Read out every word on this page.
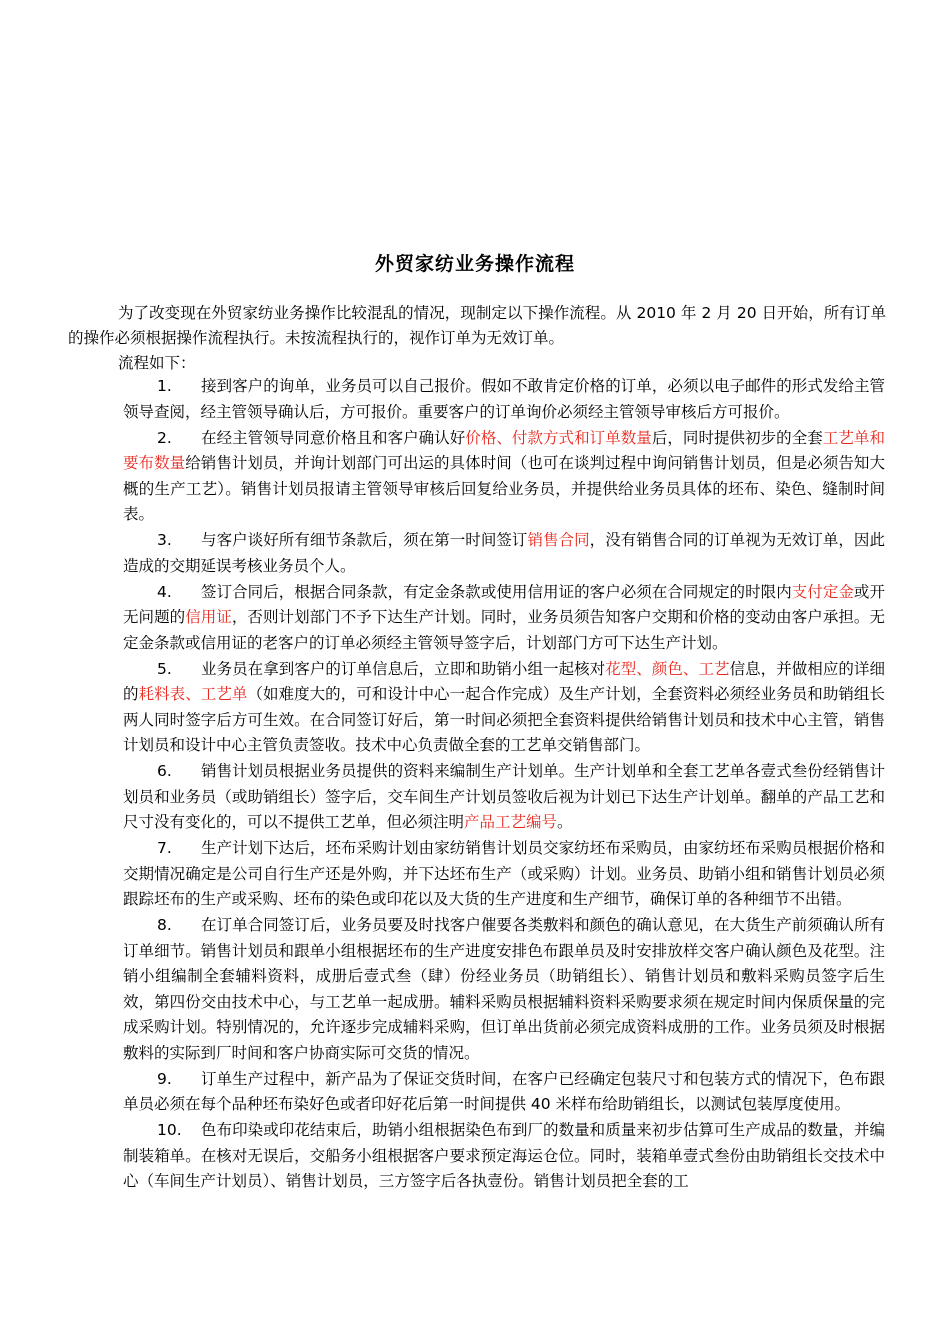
外贸家纺业务操作流程
为了改变现在外贸家纺业务操作比较混乱的情况，现制定以下操作流程。从 2010 年 2 月 20 日开始，所有订单的操作必须根据操作流程执行。未按流程执行的，视作订单为无效订单。
流程如下：
1. 接到客户的询单，业务员可以自己报价。假如不敢肯定价格的订单，必须以电子邮件的形式发给主管领导查阅，经主管领导确认后，方可报价。重要客户的订单询价必须经主管领导审核后方可报价。
2. 在经主管领导同意价格且和客户确认好价格、付款方式和订单数量后，同时提供初步的全套工艺单和要布数量给销售计划员，并询计划部门可出运的具体时间（也可在谈判过程中询问销售计划员，但是必须告知大概的生产工艺）。销售计划员报请主管领导审核后回复给业务员，并提供给业务员具体的坯布、染色、缝制时间表。
3. 与客户谈好所有细节条款后，须在第一时间签订销售合同，没有销售合同的订单视为无效订单，因此造成的交期延误考核业务员个人。
4. 签订合同后，根据合同条款，有定金条款或使用信用证的客户必须在合同规定的时限内支付定金或开无问题的信用证，否则计划部门不予下达生产计划。同时，业务员须告知客户交期和价格的变动由客户承担。无定金条款或信用证的老客户的订单必须经主管领导签字后，计划部门方可下达生产计划。
5. 业务员在拿到客户的订单信息后，立即和助销小组一起核对花型、颜色、工艺信息，并做相应的详细的耗料表、工艺单（如难度大的，可和设计中心一起合作完成）及生产计划，全套资料必须经业务员和助销组长两人同时签字后方可生效。在合同签订好后，第一时间必须把全套资料提供给销售计划员和技术中心主管，销售计划员和设计中心主管负责签收。技术中心负责做全套的工艺单交销售部门。
6. 销售计划员根据业务员提供的资料来编制生产计划单。生产计划单和全套工艺单各壹式叁份经销售计划员和业务员（或助销组长）签字后，交车间生产计划员签收后视为计划已下达生产计划单。翻单的产品工艺和尺寸没有变化的，可以不提供工艺单，但必须注明产品工艺编号。
7. 生产计划下达后，坯布采购计划由家纺销售计划员交家纺坯布采购员，由家纺坯布采购员根据价格和交期情况确定是公司自行生产还是外购，并下达坯布生产（或采购）计划。业务员、助销小组和销售计划员必须跟踪坯布的生产或采购、坯布的染色或印花以及大货的生产进度和生产细节，确保订单的各种细节不出错。
8. 在订单合同签订后，业务员要及时找客户催要各类敷料和颜色的确认意见，在大货生产前须确认所有订单细节。销售计划员和跟单小组根据坯布的生产进度安排色布跟单员及时安排放样交客户确认颜色及花型。注销小组编制全套辅料资料，成册后壹式叁（肆）份经业务员（助销组长）、销售计划员和敷料采购员签字后生效，第四份交由技术中心，与工艺单一起成册。辅料采购员根据辅料资料采购要求须在规定时间内保质保量的完成采购计划。特别情况的，允许逐步完成辅料采购，但订单出货前必须完成资料成册的工作。业务员须及时根据敷料的实际到厂时间和客户协商实际可交货的情况。
9. 订单生产过程中，新产品为了保证交货时间，在客户已经确定包装尺寸和包装方式的情况下，色布跟单员必须在每个品种坯布染好色或者印好花后第一时间提供 40 米样布给助销组长，以测试包装厚度使用。
10. 色布印染或印花结束后，助销小组根据染色布到厂的数量和质量来初步估算可生产成品的数量，并编制装箱单。在核对无误后，交船务小组根据客户要求预定海运仓位。同时，装箱单壹式叁份由助销组长交技术中心（车间生产计划员）、销售计划员，三方签字后各执壹份。销售计划员把全套的工
